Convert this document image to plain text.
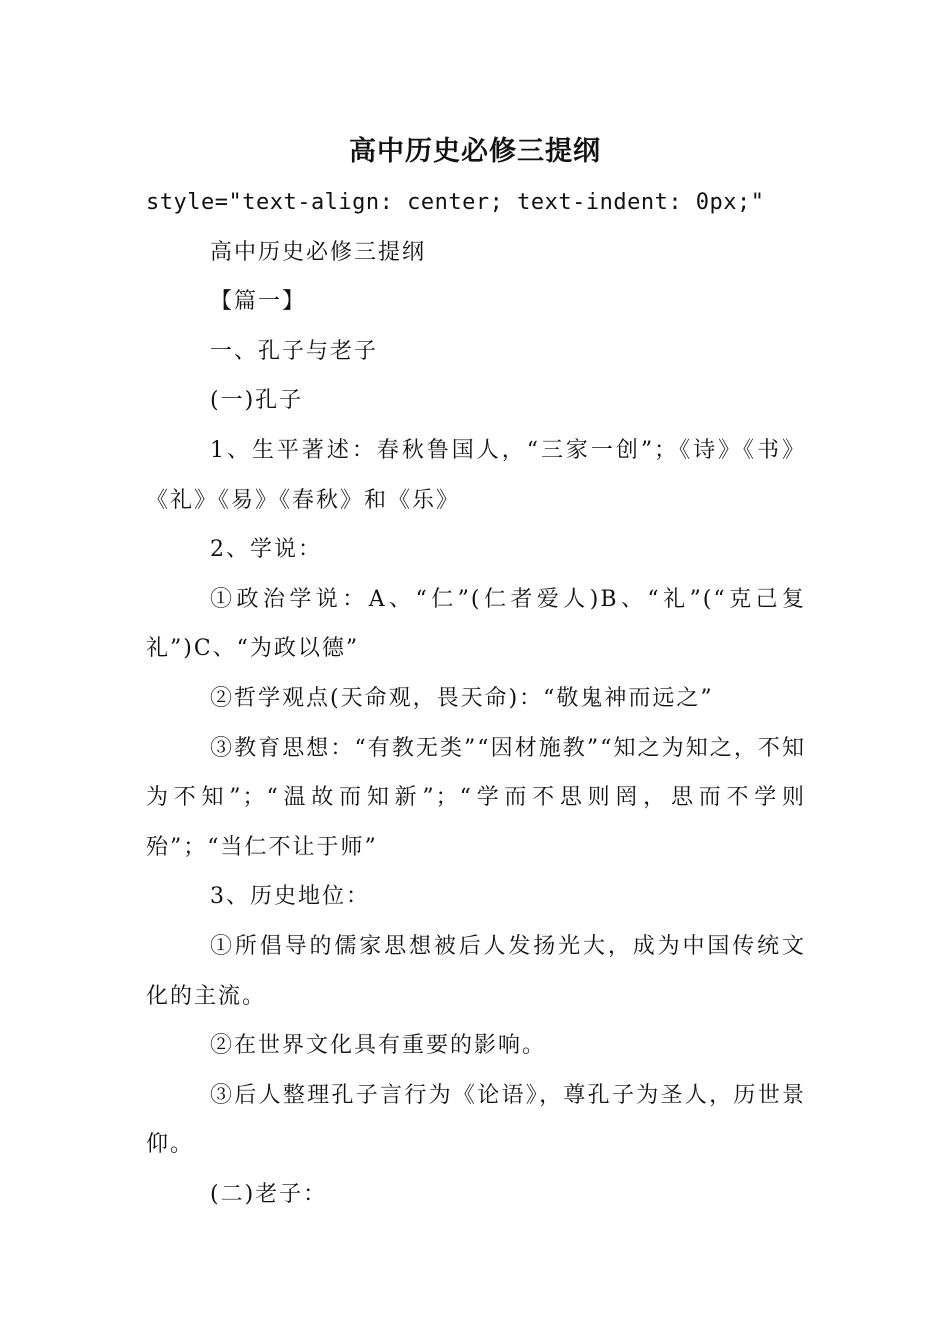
高中历史必修三提纲

style="text-align: center; text-indent: 0px;"

高中历史必修三提纲

【篇一】

一、孔子与老子

(一)孔子

1、生平著述：春秋鲁国人，“三家一创”；《诗》《书》《礼》《易》《春秋》和《乐》

2、学说：

①政治学说：A、“仁”(仁者爱人)B、“礼”(“克己复礼”)C、“为政以德”

②哲学观点(天命观，畏天命)：“敬鬼神而远之”

③教育思想：“有教无类”“因材施教”“知之为知之，不知为不知”；“温故而知新”；“学而不思则罔，思而不学则殆”；“当仁不让于师”

3、历史地位：

①所倡导的儒家思想被后人发扬光大，成为中国传统文化的主流。

②在世界文化具有重要的影响。

③后人整理孔子言行为《论语》，尊孔子为圣人，历世景仰。

(二)老子：
